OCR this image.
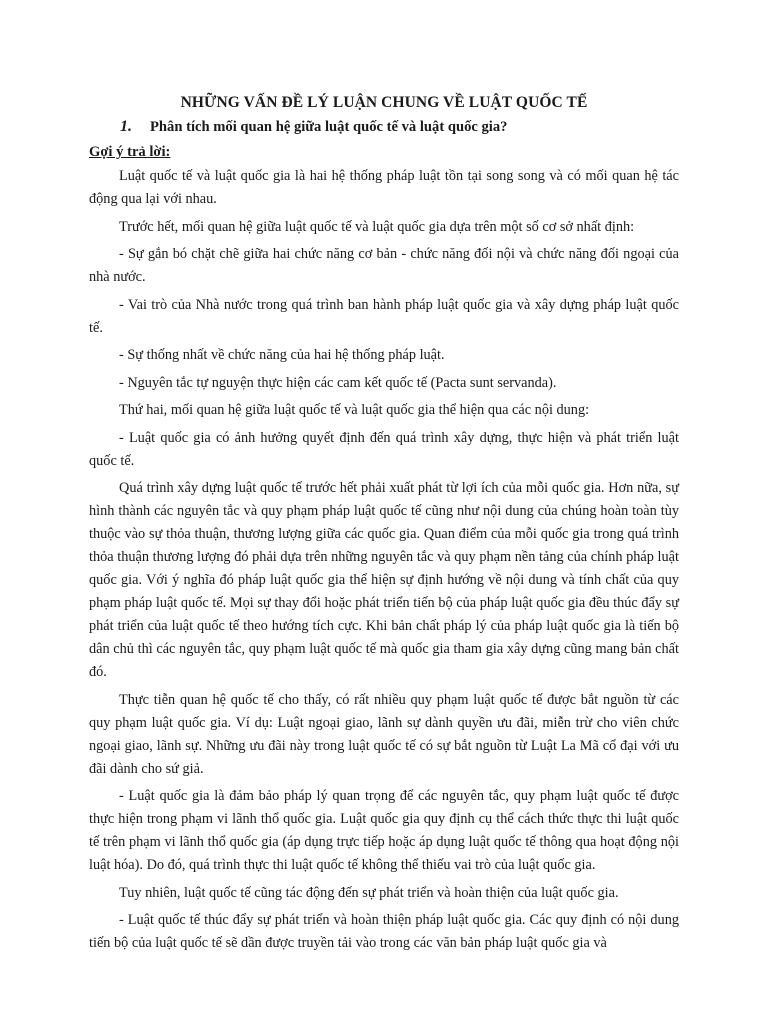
NHỮNG VẤN ĐỀ LÝ LUẬN CHUNG VỀ LUẬT QUỐC TẾ
1.	Phân tích mối quan hệ giữa luật quốc tế và luật quốc gia?
Gợi ý trả lời:

Luật quốc tế và luật quốc gia là hai hệ thống pháp luật tồn tại song song và có mối quan hệ tác động qua lại với nhau.

Trước hết, mối quan hệ giữa luật quốc tế và luật quốc gia dựa trên một số cơ sở nhất định:

- Sự gắn bó chặt chẽ giữa hai chức năng cơ bản - chức năng đối nội và chức năng đối ngoại của nhà nước.

- Vai trò của Nhà nước trong quá trình ban hành pháp luật quốc gia và xây dựng pháp luật quốc tế.

- Sự thống nhất về chức năng của hai hệ thống pháp luật.

- Nguyên tắc tự nguyện thực hiện các cam kết quốc tế (Pacta sunt servanda).

Thứ hai, mối quan hệ giữa luật quốc tế và luật quốc gia thể hiện qua các nội dung:

- Luật quốc gia có ảnh hưởng quyết định đến quá trình xây dựng, thực hiện và phát triển luật quốc tế.

Quá trình xây dựng luật quốc tế trước hết phải xuất phát từ lợi ích của mỗi quốc gia. Hơn nữa, sự hình thành các nguyên tắc và quy phạm pháp luật quốc tế cũng như nội dung của chúng hoàn toàn tùy thuộc vào sự thỏa thuận, thương lượng giữa các quốc gia. Quan điểm của mỗi quốc gia trong quá trình thỏa thuận thương lượng đó phải dựa trên những nguyên tắc và quy phạm nền tảng của chính pháp luật quốc gia. Với ý nghĩa đó pháp luật quốc gia thể hiện sự định hướng về nội dung và tính chất của quy phạm pháp luật quốc tế. Mọi sự thay đổi hoặc phát triển tiến bộ của pháp luật quốc gia đều thúc đẩy sự phát triển của luật quốc tế theo hướng tích cực. Khi bản chất pháp lý của pháp luật quốc gia là tiến bộ dân chủ thì các nguyên tắc, quy phạm luật quốc tế mà quốc gia tham gia xây dựng cũng mang bản chất đó.

Thực tiễn quan hệ quốc tế cho thấy, có rất nhiều quy phạm luật quốc tế được bắt nguồn từ các quy phạm luật quốc gia. Ví dụ: Luật ngoại giao, lãnh sự dành quyền ưu đãi, miễn trừ cho viên chức ngoại giao, lãnh sự. Những ưu đãi này trong luật quốc tế có sự bắt nguồn từ Luật La Mã cổ đại với ưu đãi dành cho sứ giả.

- Luật quốc gia là đảm bảo pháp lý quan trọng để các nguyên tắc, quy phạm luật quốc tế được thực hiện trong phạm vi lãnh thổ quốc gia. Luật quốc gia quy định cụ thể cách thức thực thi luật quốc tế trên phạm vi lãnh thổ quốc gia (áp dụng trực tiếp hoặc áp dụng luật quốc tế thông qua hoạt động nội luật hóa). Do đó, quá trình thực thi luật quốc tế không thể thiếu vai trò của luật quốc gia.

Tuy nhiên, luật quốc tế cũng tác động đến sự phát triển và hoàn thiện của luật quốc gia.

- Luật quốc tế thúc đẩy sự phát triển và hoàn thiện pháp luật quốc gia. Các quy định có nội dung tiến bộ của luật quốc tế sẽ dần được truyền tải vào trong các văn bản pháp luật quốc gia và
